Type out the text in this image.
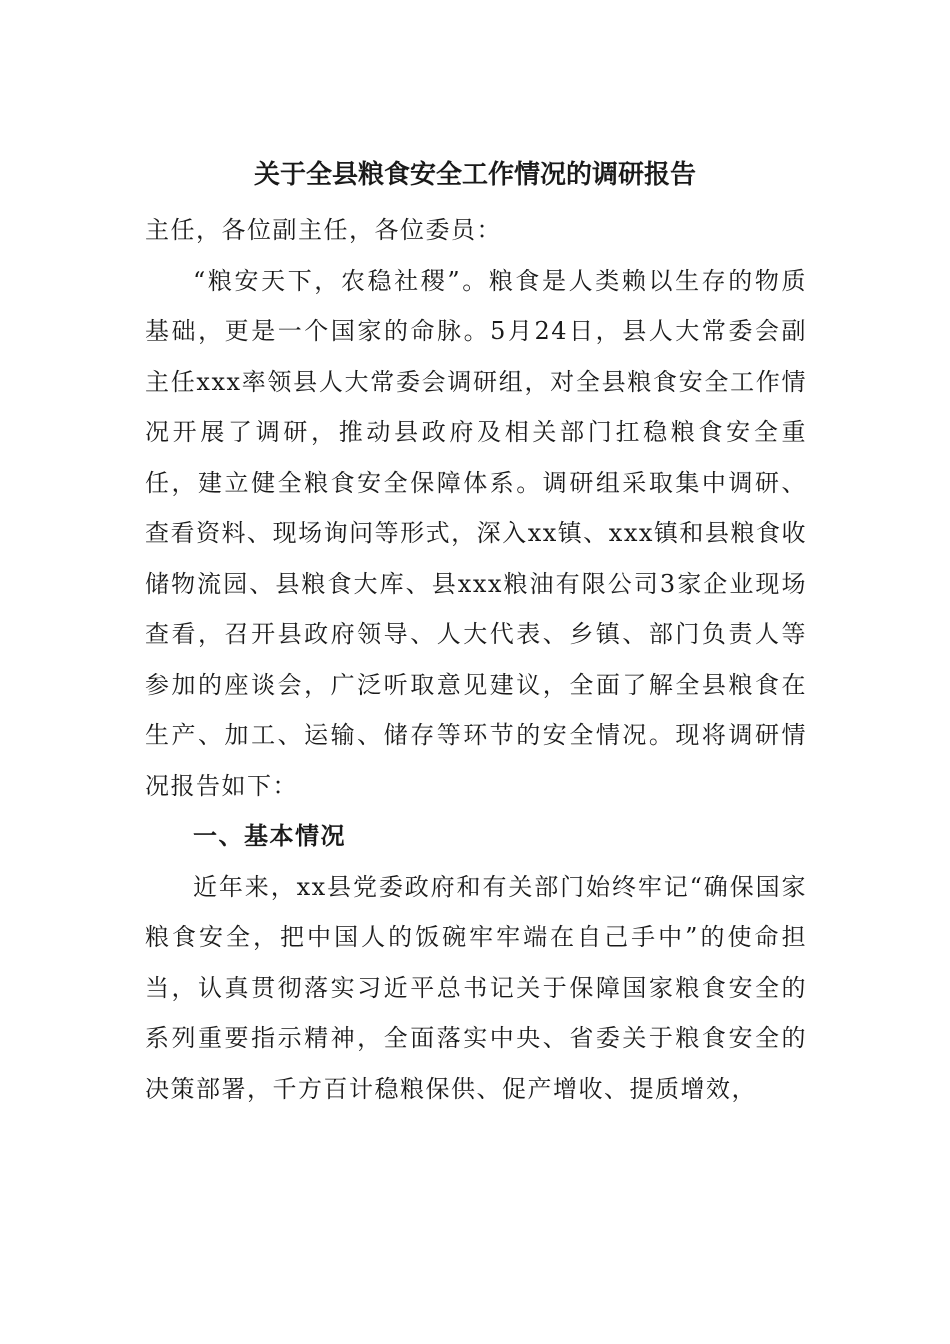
关于全县粮食安全工作情况的调研报告

主任，各位副主任，各位委员：

“粮安天下，农稳社稷”。粮食是人类赖以生存的物质基础，更是一个国家的命脉。5月24日，县人大常委会副主任xxx率领县人大常委会调研组，对全县粮食安全工作情况开展了调研，推动县政府及相关部门扛稳粮食安全重任，建立健全粮食安全保障体系。调研组采取集中调研、查看资料、现场询问等形式，深入xx镇、xxx镇和县粮食收储物流园、县粮食大库、县xxx粮油有限公司3家企业现场查看，召开县政府领导、人大代表、乡镇、部门负责人等参加的座谈会，广泛听取意见建议，全面了解全县粮食在生产、加工、运输、储存等环节的安全情况。现将调研情况报告如下：

一、基本情况

近年来，xx县党委政府和有关部门始终牢记“确保国家粮食安全，把中国人的饭碗牢牢端在自己手中”的使命担当，认真贯彻落实习近平总书记关于保障国家粮食安全的系列重要指示精神，全面落实中央、省委关于粮食安全的决策部署，千方百计稳粮保供、促产增收、提质增效，
